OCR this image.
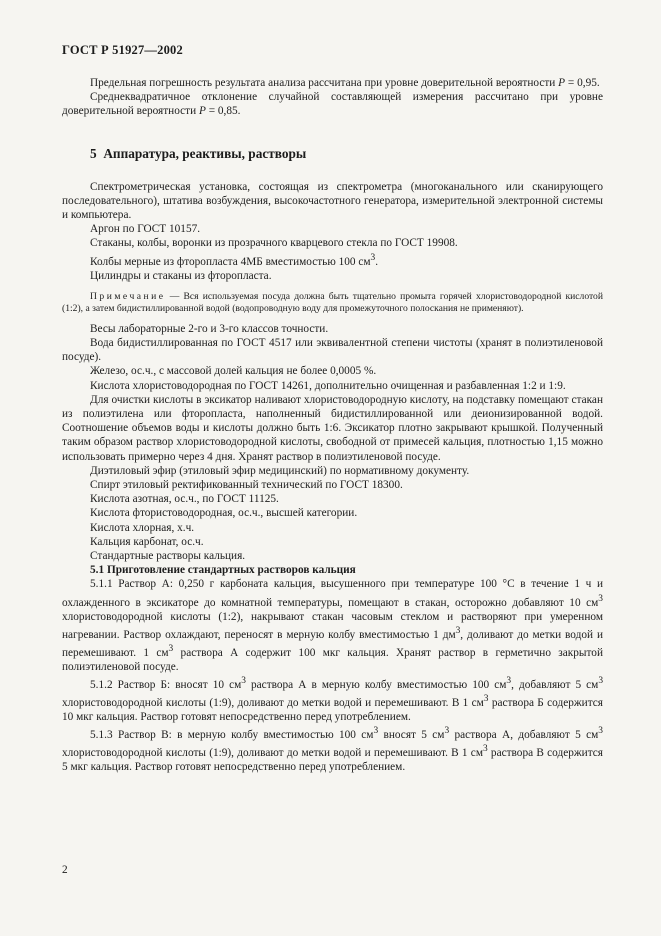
ГОСТ Р 51927—2002

Предельная погрешность результата анализа рассчитана при уровне доверительной вероятности P = 0,95.

Среднеквадратичное отклонение случайной составляющей измерения рассчитано при уровне доверительной вероятности P = 0,85.

5 Аппаратура, реактивы, растворы

Спектрометрическая установка, состоящая из спектрометра (многоканального или сканирующего последовательного), штатива возбуждения, высокочастотного генератора, измерительной электронной системы и компьютера.

Аргон по ГОСТ 10157.

Стаканы, колбы, воронки из прозрачного кварцевого стекла по ГОСТ 19908.

Колбы мерные из фторопласта 4МБ вместимостью 100 $см^3$.

Цилиндры и стаканы из фторопласта.

Примечание — Вся используемая посуда должна быть тщательно промыта горячей хлористоводородной кислотой (1:2), а затем бидистиллированной водой (водопроводную воду для промежуточного полоскания не применяют).

Весы лабораторные 2-го и 3-го классов точности.

Вода бидистиллированная по ГОСТ 4517 или эквивалентной степени чистоты (хранят в полиэтиленовой посуде).

Железо, ос.ч., с массовой долей кальция не более 0,0005 %.

Кислота хлористоводородная по ГОСТ 14261, дополнительно очищенная и разбавленная 1:2 и 1:9.

Для очистки кислоты в эксикатор наливают хлористоводородную кислоту, на подставку помещают стакан из полиэтилена или фторопласта, наполненный бидистиллированной или деионизированной водой. Соотношение объемов воды и кислоты должно быть 1:6. Эксикатор плотно закрывают крышкой. Полученный таким образом раствор хлористоводородной кислоты, свободной от примесей кальция, плотностью 1,15 можно использовать примерно через 4 дня. Хранят раствор в полиэтиленовой посуде.

Диэтиловый эфир (этиловый эфир медицинский) по нормативному документу.

Спирт этиловый ректификованный технический по ГОСТ 18300.

Кислота азотная, ос.ч., по ГОСТ 11125.

Кислота фтористоводородная, ос.ч., высшей категории.

Кислота хлорная, х.ч.

Кальция карбонат, ос.ч.

Стандартные растворы кальция.

5.1 Приготовление стандартных растворов кальция

5.1.1 Раствор А: 0,250 г карбоната кальция, высушенного при температуре 100 °С в течение 1 ч и охлажденного в эксикаторе до комнатной температуры, помещают в стакан, осторожно добавляют 10 $см^3$ хлористоводородной кислоты (1:2), накрывают стакан часовым стеклом и растворяют при умеренном нагревании. Раствор охлаждают, переносят в мерную колбу вместимостью 1 $дм^3$, доливают до метки водой и перемешивают. 1 $см^3$ раствора А содержит 100 мкг кальция. Хранят раствор в герметично закрытой полиэтиленовой посуде.

5.1.2 Раствор Б: вносят 10 $см^3$ раствора А в мерную колбу вместимостью 100 $см^3$, добавляют 5 $см^3$ хлористоводородной кислоты (1:9), доливают до метки водой и перемешивают. В 1 $см^3$ раствора Б содержится 10 мкг кальция. Раствор готовят непосредственно перед употреблением.

5.1.3 Раствор В: в мерную колбу вместимостью 100 $см^3$ вносят 5 $см^3$ раствора А, добавляют 5 $см^3$ хлористоводородной кислоты (1:9), доливают до метки водой и перемешивают. В 1 $см^3$ раствора В содержится 5 мкг кальция. Раствор готовят непосредственно перед употреблением.

2
